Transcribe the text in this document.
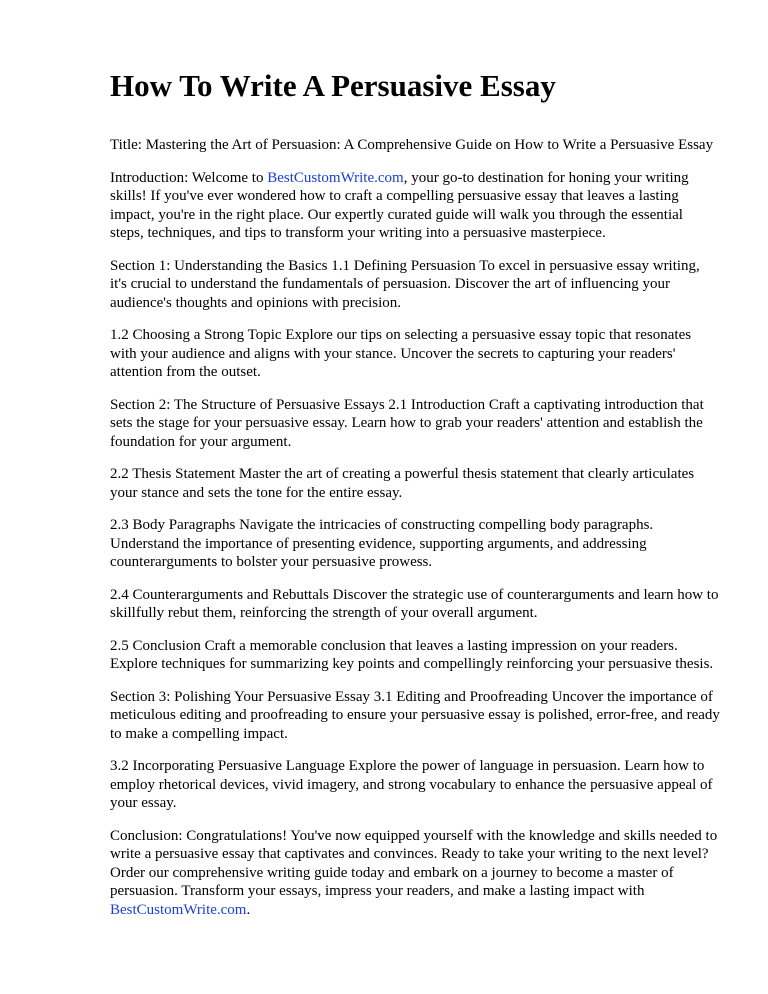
How To Write A Persuasive Essay

Title: Mastering the Art of Persuasion: A Comprehensive Guide on How to Write a Persuasive Essay

Introduction: Welcome to BestCustomWrite.com, your go-to destination for honing your writing skills! If you've ever wondered how to craft a compelling persuasive essay that leaves a lasting impact, you're in the right place. Our expertly curated guide will walk you through the essential steps, techniques, and tips to transform your writing into a persuasive masterpiece.

Section 1: Understanding the Basics 1.1 Defining Persuasion To excel in persuasive essay writing, it's crucial to understand the fundamentals of persuasion. Discover the art of influencing your audience's thoughts and opinions with precision.

1.2 Choosing a Strong Topic Explore our tips on selecting a persuasive essay topic that resonates with your audience and aligns with your stance. Uncover the secrets to capturing your readers' attention from the outset.

Section 2: The Structure of Persuasive Essays 2.1 Introduction Craft a captivating introduction that sets the stage for your persuasive essay. Learn how to grab your readers' attention and establish the foundation for your argument.

2.2 Thesis Statement Master the art of creating a powerful thesis statement that clearly articulates your stance and sets the tone for the entire essay.

2.3 Body Paragraphs Navigate the intricacies of constructing compelling body paragraphs. Understand the importance of presenting evidence, supporting arguments, and addressing counterarguments to bolster your persuasive prowess.

2.4 Counterarguments and Rebuttals Discover the strategic use of counterarguments and learn how to skillfully rebut them, reinforcing the strength of your overall argument.

2.5 Conclusion Craft a memorable conclusion that leaves a lasting impression on your readers. Explore techniques for summarizing key points and compellingly reinforcing your persuasive thesis.

Section 3: Polishing Your Persuasive Essay 3.1 Editing and Proofreading Uncover the importance of meticulous editing and proofreading to ensure your persuasive essay is polished, error-free, and ready to make a compelling impact.

3.2 Incorporating Persuasive Language Explore the power of language in persuasion. Learn how to employ rhetorical devices, vivid imagery, and strong vocabulary to enhance the persuasive appeal of your essay.

Conclusion: Congratulations! You've now equipped yourself with the knowledge and skills needed to write a persuasive essay that captivates and convinces. Ready to take your writing to the next level? Order our comprehensive writing guide today and embark on a journey to become a master of persuasion. Transform your essays, impress your readers, and make a lasting impact with BestCustomWrite.com.
